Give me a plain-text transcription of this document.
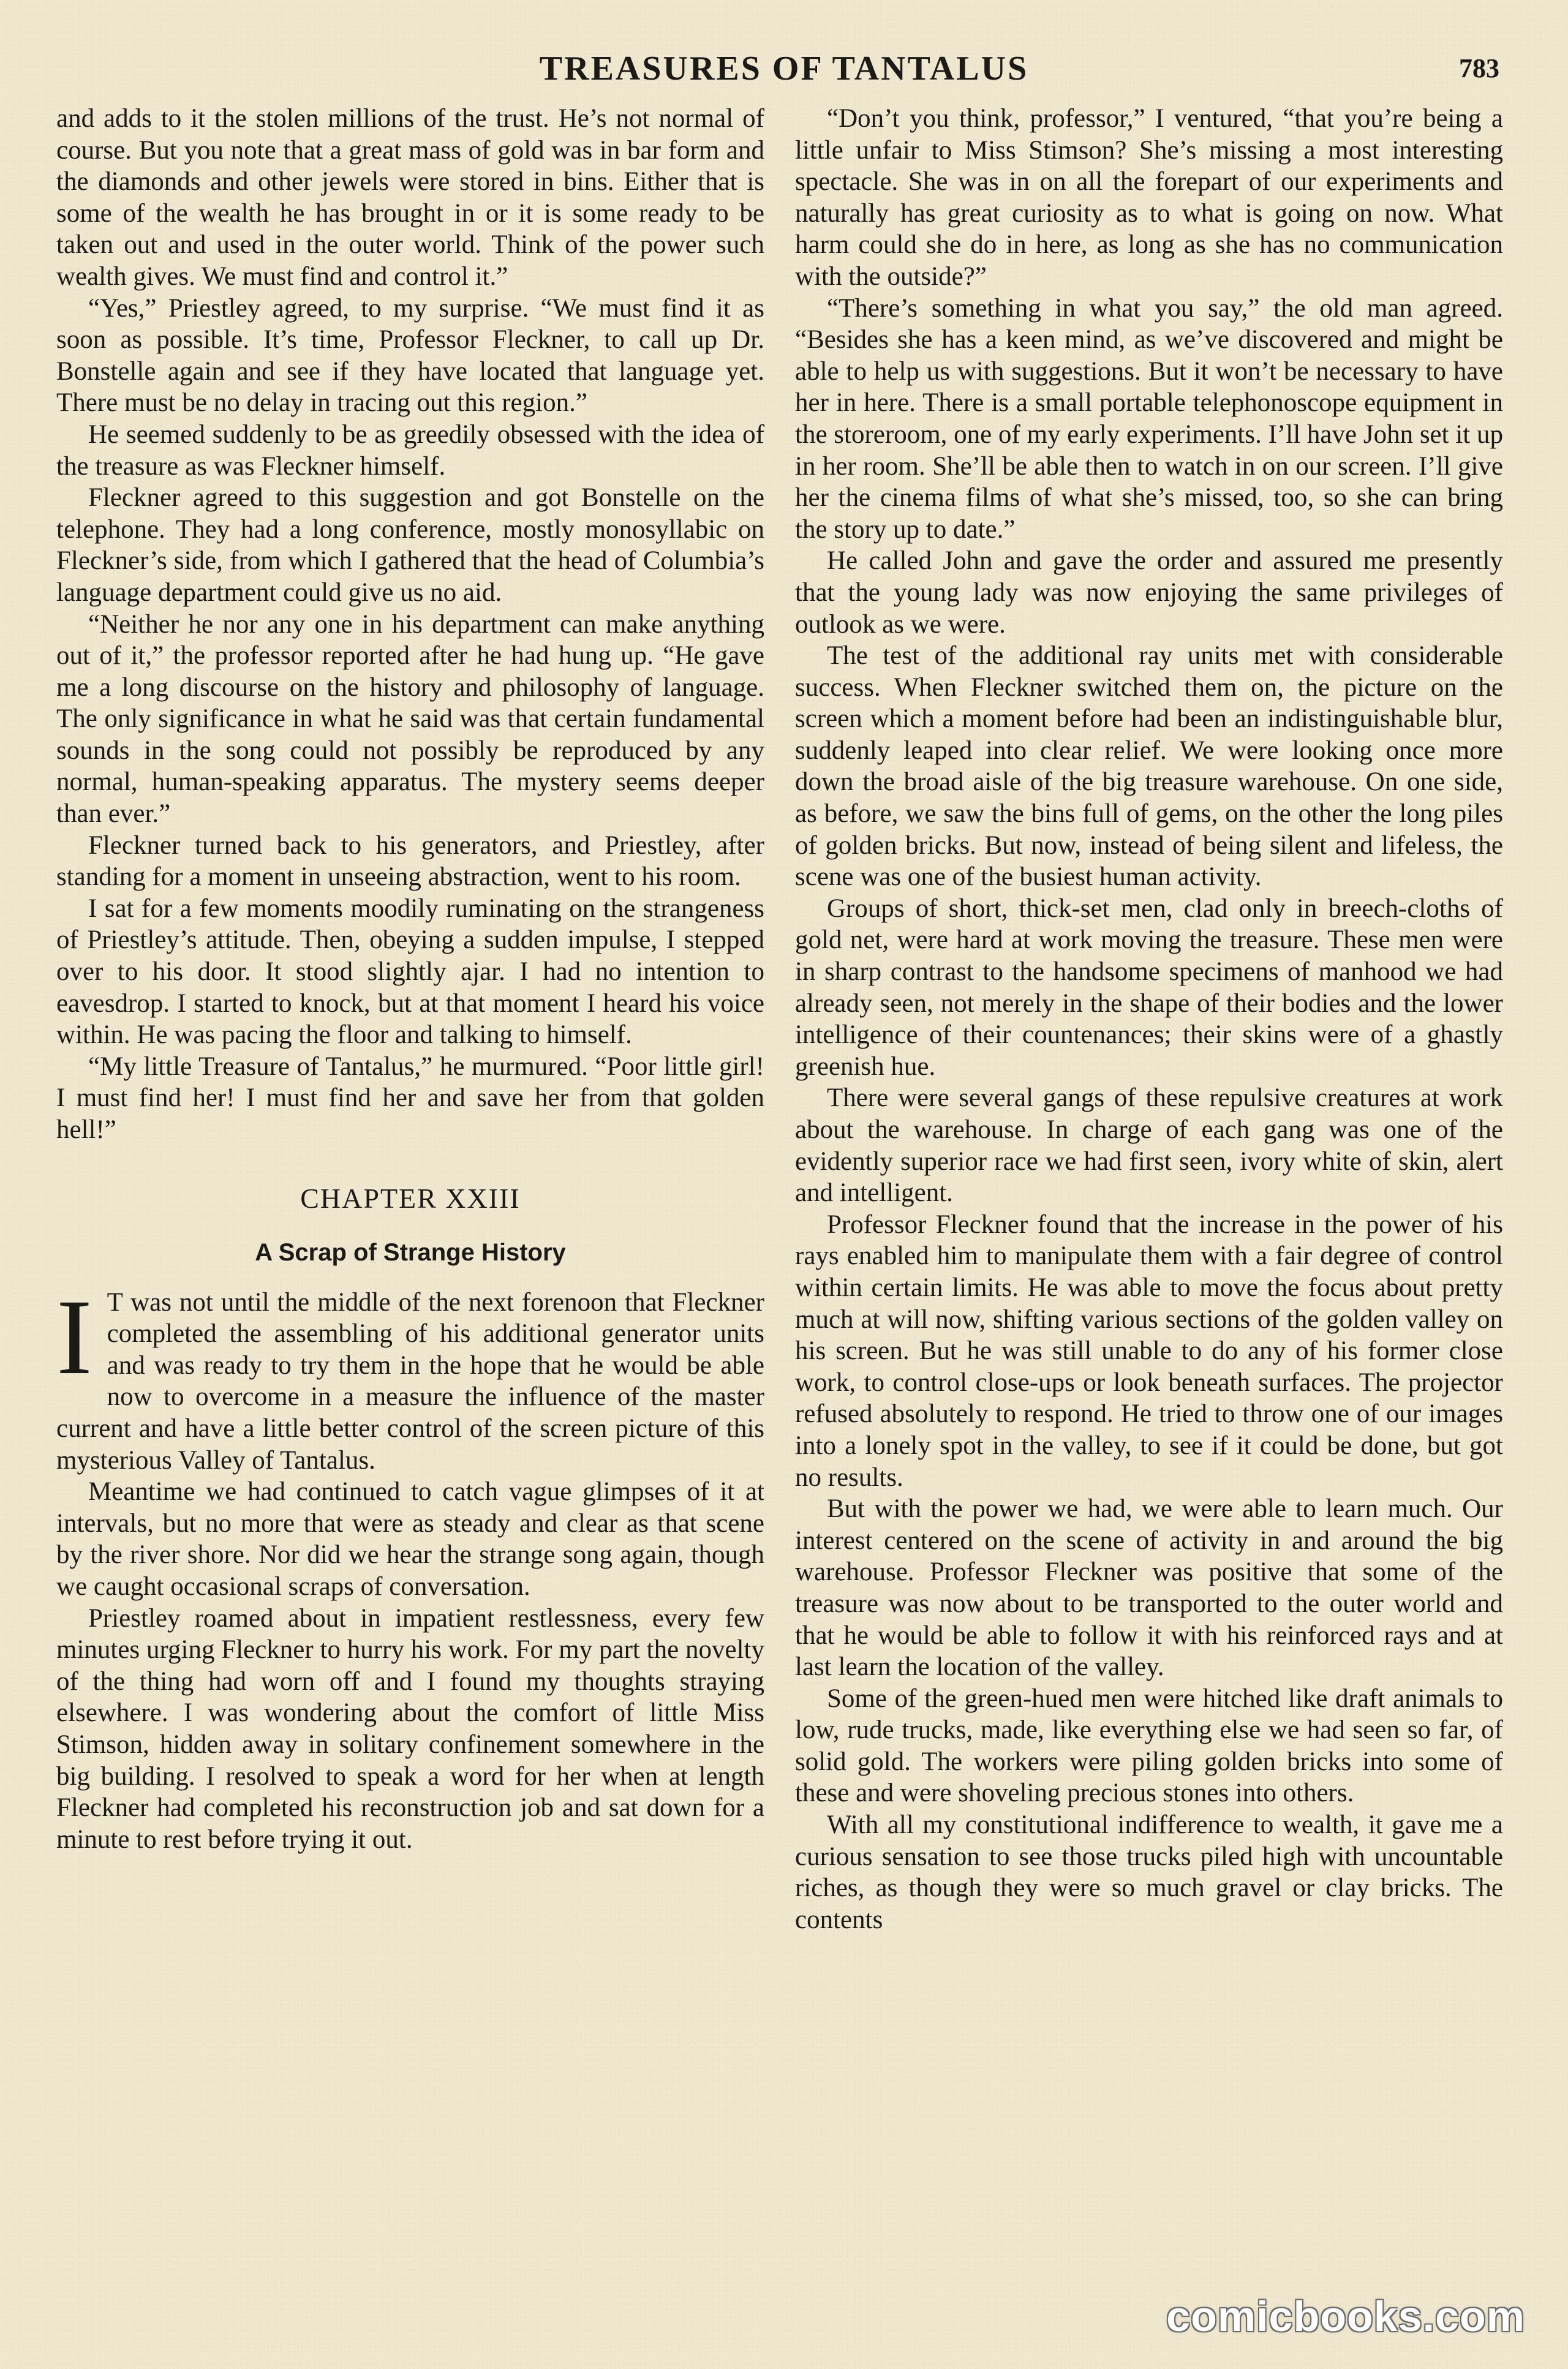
TREASURES OF TANTALUS	783

and adds to it the stolen millions of the trust. He’s not normal of course. But you note that a great mass of gold was in bar form and the diamonds and other jewels were stored in bins. Either that is some of the wealth he has brought in or it is some ready to be taken out and used in the outer world. Think of the power such wealth gives. We must find and control it.”

“Yes,” Priestley agreed, to my surprise. “We must find it as soon as possible. It’s time, Professor Fleckner, to call up Dr. Bonstelle again and see if they have located that language yet. There must be no delay in tracing out this region.”

He seemed suddenly to be as greedily obsessed with the idea of the treasure as was Fleckner himself.

Fleckner agreed to this suggestion and got Bonstelle on the telephone. They had a long conference, mostly monosyllabic on Fleckner’s side, from which I gathered that the head of Columbia’s language department could give us no aid.

“Neither he nor any one in his department can make anything out of it,” the professor reported after he had hung up. “He gave me a long discourse on the history and philosophy of language. The only significance in what he said was that certain fundamental sounds in the song could not possibly be reproduced by any normal, human-speaking apparatus. The mystery seems deeper than ever.”

Fleckner turned back to his generators, and Priestley, after standing for a moment in unseeing abstraction, went to his room.

I sat for a few moments moodily ruminating on the strangeness of Priestley’s attitude. Then, obeying a sudden impulse, I stepped over to his door. It stood slightly ajar. I had no intention to eavesdrop. I started to knock, but at that moment I heard his voice within. He was pacing the floor and talking to himself.

“My little Treasure of Tantalus,” he murmured. “Poor little girl! I must find her! I must find her and save her from that golden hell!”

CHAPTER XXIII
A Scrap of Strange History

I T was not until the middle of the next forenoon that Fleckner completed the assembling of his additional generator units and was ready to try them in the hope that he would be able now to overcome in a measure the influence of the master current and have a little better control of the screen picture of this mysterious Valley of Tantalus.

Meantime we had continued to catch vague glimpses of it at intervals, but no more that were as steady and clear as that scene by the river shore. Nor did we hear the strange song again, though we caught occasional scraps of conversation.

Priestley roamed about in impatient restlessness, every few minutes urging Fleckner to hurry his work. For my part the novelty of the thing had worn off and I found my thoughts straying elsewhere. I was wondering about the comfort of little Miss Stimson, hidden away in solitary confinement somewhere in the big building. I resolved to speak a word for her when at length Fleckner had completed his reconstruction job and sat down for a minute to rest before trying it out.

“Don’t you think, professor,” I ventured, “that you’re being a little unfair to Miss Stimson? She’s missing a most interesting spectacle. She was in on all the forepart of our experiments and naturally has great curiosity as to what is going on now. What harm could she do in here, as long as she has no communication with the outside?”

“There’s something in what you say,” the old man agreed. “Besides she has a keen mind, as we’ve discovered and might be able to help us with suggestions. But it won’t be necessary to have her in here. There is a small portable telephonoscope equipment in the storeroom, one of my early experiments. I’ll have John set it up in her room. She’ll be able then to watch in on our screen. I’ll give her the cinema films of what she’s missed, too, so she can bring the story up to date.”

He called John and gave the order and assured me presently that the young lady was now enjoying the same privileges of outlook as we were.

The test of the additional ray units met with considerable success. When Fleckner switched them on, the picture on the screen which a moment before had been an indistinguishable blur, suddenly leaped into clear relief. We were looking once more down the broad aisle of the big treasure warehouse. On one side, as before, we saw the bins full of gems, on the other the long piles of golden bricks. But now, instead of being silent and lifeless, the scene was one of the busiest human activity.

Groups of short, thick-set men, clad only in breech-cloths of gold net, were hard at work moving the treasure. These men were in sharp contrast to the handsome specimens of manhood we had already seen, not merely in the shape of their bodies and the lower intelligence of their countenances; their skins were of a ghastly greenish hue.

There were several gangs of these repulsive creatures at work about the warehouse. In charge of each gang was one of the evidently superior race we had first seen, ivory white of skin, alert and intelligent.

Professor Fleckner found that the increase in the power of his rays enabled him to manipulate them with a fair degree of control within certain limits. He was able to move the focus about pretty much at will now, shifting various sections of the golden valley on his screen. But he was still unable to do any of his former close work, to control close-ups or look beneath surfaces. The projector refused absolutely to respond. He tried to throw one of our images into a lonely spot in the valley, to see if it could be done, but got no results.

But with the power we had, we were able to learn much. Our interest centered on the scene of activity in and around the big warehouse. Professor Fleckner was positive that some of the treasure was now about to be transported to the outer world and that he would be able to follow it with his reinforced rays and at last learn the location of the valley.

Some of the green-hued men were hitched like draft animals to low, rude trucks, made, like everything else we had seen so far, of solid gold. The workers were piling golden bricks into some of these and were shoveling precious stones into others.

With all my constitutional indifference to wealth, it gave me a curious sensation to see those trucks piled high with uncountable riches, as though they were so much gravel or clay bricks. The contents

comicbooks.com
